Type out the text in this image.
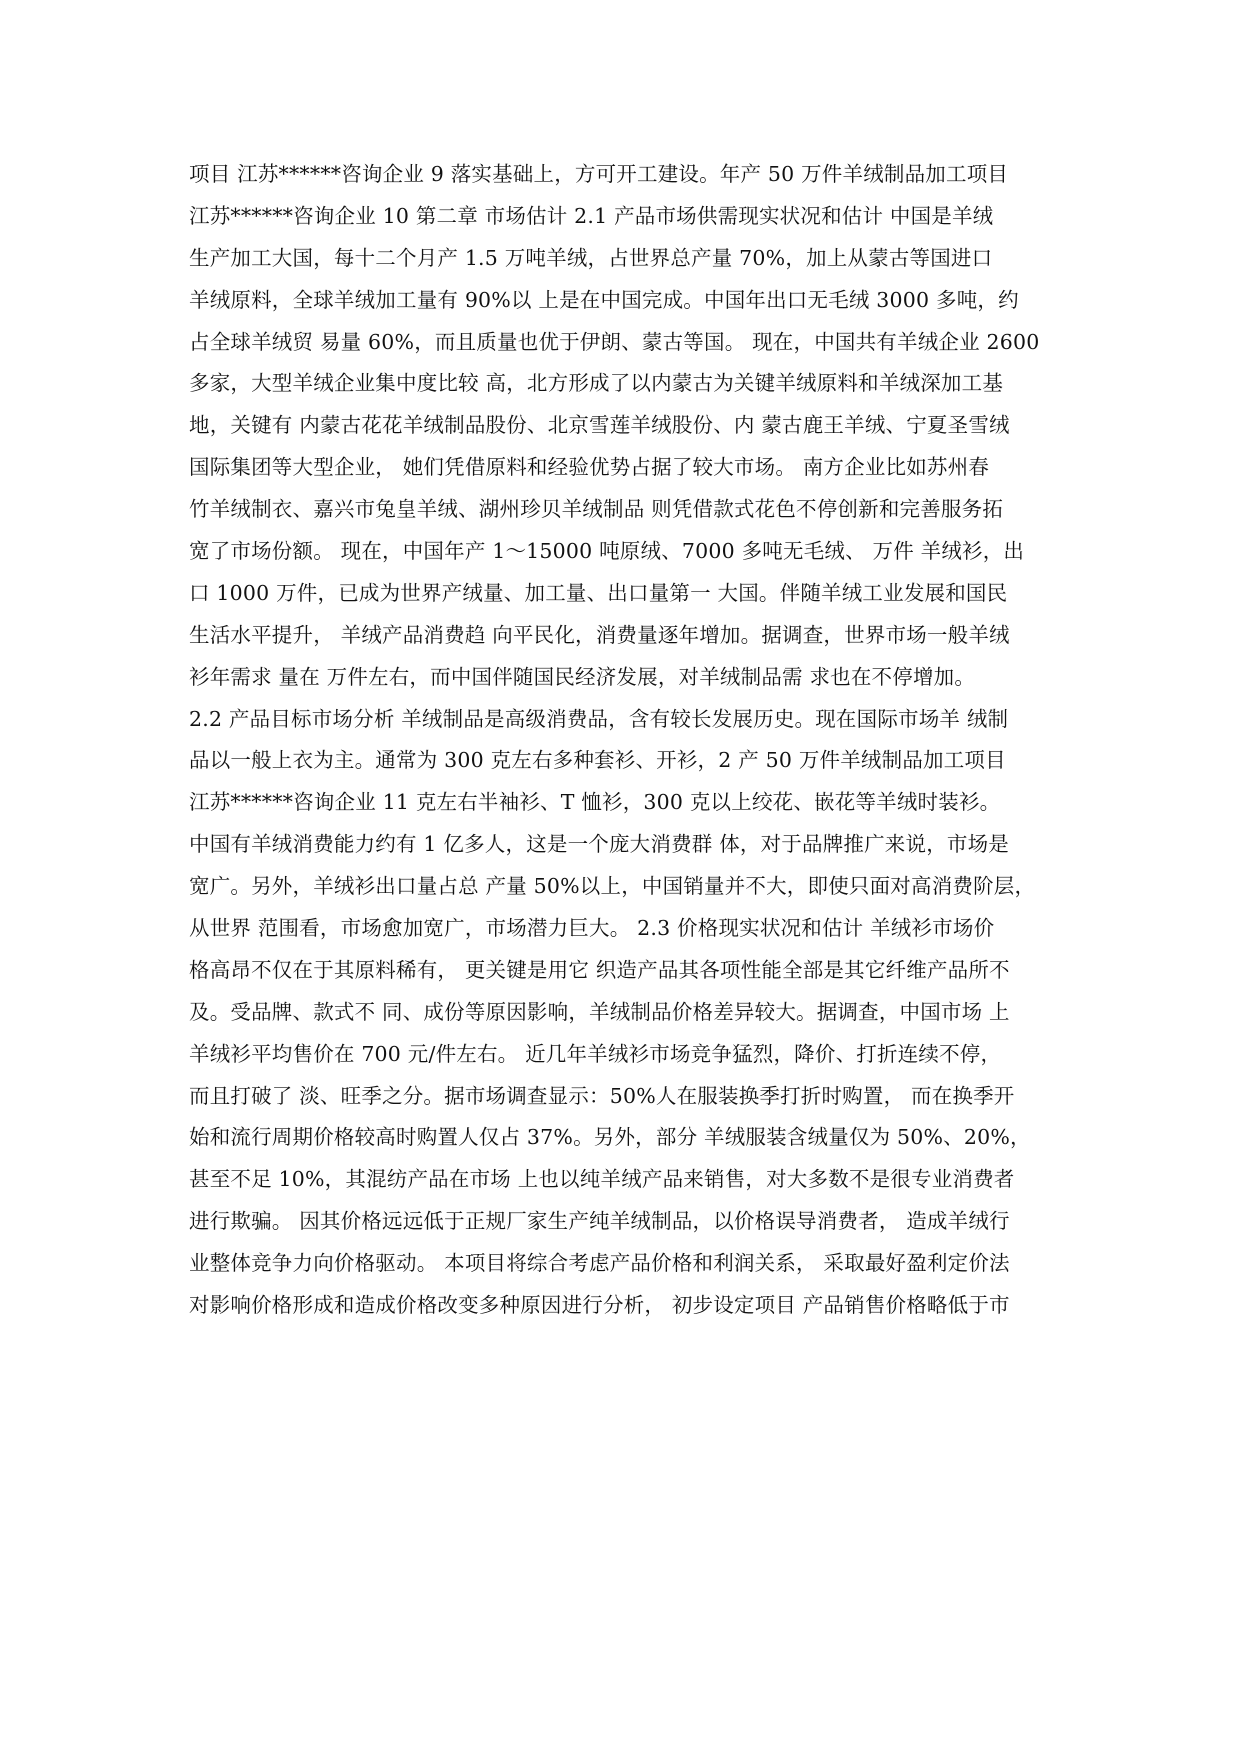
项目 江苏******咨询企业 9 落实基础上，方可开工建设。年产 50 万件羊绒制品加工项目
江苏******咨询企业 10 第二章 市场估计 2.1 产品市场供需现实状况和估计 中国是羊绒
生产加工大国，每十二个月产 1.5 万吨羊绒，占世界总产量 70%，加上从蒙古等国进口
羊绒原料，全球羊绒加工量有 90%以 上是在中国完成。中国年出口无毛绒 3000 多吨，约
占全球羊绒贸 易量 60%，而且质量也优于伊朗、蒙古等国。 现在，中国共有羊绒企业 2600
多家，大型羊绒企业集中度比较 高，北方形成了以内蒙古为关键羊绒原料和羊绒深加工基
地，关键有 内蒙古花花羊绒制品股份、北京雪莲羊绒股份、内 蒙古鹿王羊绒、宁夏圣雪绒
国际集团等大型企业， 她们凭借原料和经验优势占据了较大市场。 南方企业比如苏州春
竹羊绒制衣、嘉兴市兔皇羊绒、湖州珍贝羊绒制品 则凭借款式花色不停创新和完善服务拓
宽了市场份额。 现在，中国年产 1～15000 吨原绒、7000 多吨无毛绒、 万件 羊绒衫，出
口 1000 万件，已成为世界产绒量、加工量、出口量第一 大国。伴随羊绒工业发展和国民
生活水平提升， 羊绒产品消费趋 向平民化，消费量逐年增加。据调查，世界市场一般羊绒
衫年需求 量在 万件左右，而中国伴随国民经济发展，对羊绒制品需 求也在不停增加。
2.2 产品目标市场分析 羊绒制品是高级消费品，含有较长发展历史。现在国际市场羊 绒制
品以一般上衣为主。通常为 300 克左右多种套衫、开衫，2 产 50 万件羊绒制品加工项目
江苏******咨询企业 11 克左右半袖衫、T 恤衫，300 克以上绞花、嵌花等羊绒时装衫。
中国有羊绒消费能力约有 1 亿多人，这是一个庞大消费群 体，对于品牌推广来说，市场是
宽广。另外，羊绒衫出口量占总 产量 50%以上，中国销量并不大，即使只面对高消费阶层，
从世界 范围看，市场愈加宽广，市场潜力巨大。 2.3 价格现实状况和估计 羊绒衫市场价
格高昂不仅在于其原料稀有， 更关键是用它 织造产品其各项性能全部是其它纤维产品所不
及。受品牌、款式不 同、成份等原因影响，羊绒制品价格差异较大。据调查，中国市场 上
羊绒衫平均售价在 700 元/件左右。 近几年羊绒衫市场竞争猛烈，降价、打折连续不停，
而且打破了 淡、旺季之分。据市场调查显示：50%人在服装换季打折时购置， 而在换季开
始和流行周期价格较高时购置人仅占 37%。另外，部分 羊绒服装含绒量仅为 50%、20%，
甚至不足 10%，其混纺产品在市场 上也以纯羊绒产品来销售，对大多数不是很专业消费者
进行欺骗。 因其价格远远低于正规厂家生产纯羊绒制品，以价格误导消费者， 造成羊绒行
业整体竞争力向价格驱动。 本项目将综合考虑产品价格和利润关系， 采取最好盈利定价法
对影响价格形成和造成价格改变多种原因进行分析， 初步设定项目 产品销售价格略低于市
